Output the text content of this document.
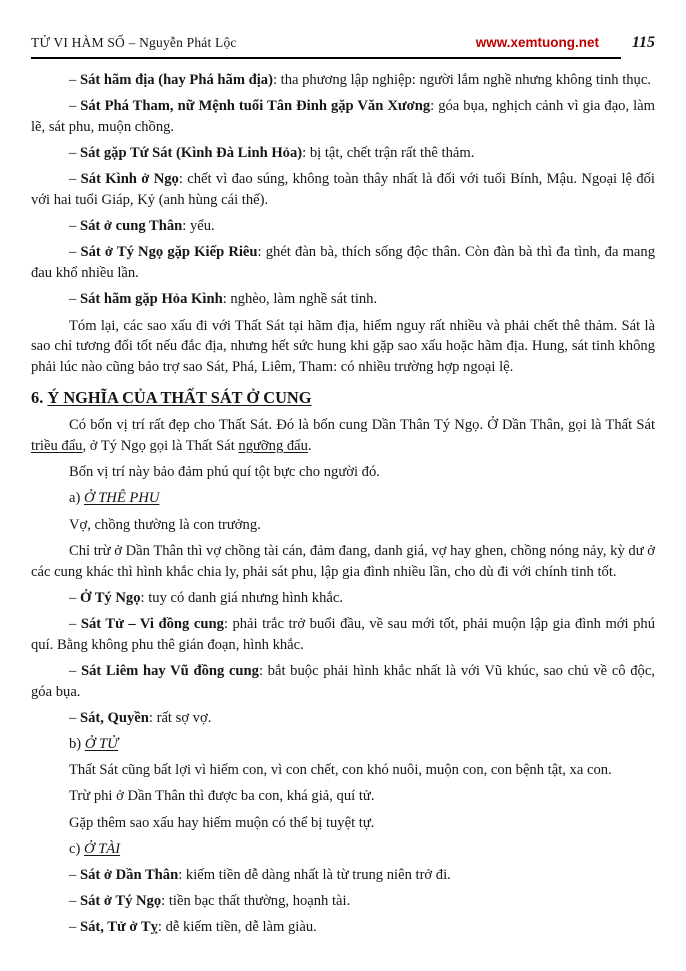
TỬ VI HÀM SỐ – Nguyễn Phát Lộc	www.xemtuong.net 115

– Sát hãm địa (hay Phá hãm địa): tha phương lập nghiệp: người lắm nghề nhưng không tinh thục.

– Sát Phá Tham, nữ Mệnh tuổi Tân Đinh gặp Văn Xương: góa bụa, nghịch cảnh vì gia đạo, làm lẽ, sát phu, muộn chồng.

– Sát gặp Tứ Sát (Kình Đà Linh Hỏa): bị tật, chết trận rất thê thảm.

– Sát Kình ở Ngọ: chết vì đao súng, không toàn thây nhất là đối với tuổi Bính, Mậu. Ngoại lệ đối với hai tuổi Giáp, Kỷ (anh hùng cái thế).

– Sát ở cung Thân: yểu.

– Sát ở Tý Ngọ gặp Kiếp Riêu: ghét đàn bà, thích sống độc thân. Còn đàn bà thì đa tình, đa mang đau khổ nhiều lần.

– Sát hãm gặp Hỏa Kình: nghèo, làm nghề sát tinh.

Tóm lại, các sao xấu đi với Thất Sát tại hãm địa, hiểm nguy rất nhiều và phải chết thê thảm. Sát là sao chỉ tương đối tốt nếu đắc địa, nhưng hết sức hung khi gặp sao xấu hoặc hãm địa. Hung, sát tinh không phải lúc nào cũng bảo trợ sao Sát, Phá, Liêm, Tham: có nhiều trường hợp ngoại lệ.

6. Ý NGHĨA CỦA THẤT SÁT Ở CUNG

Có bốn vị trí rất đẹp cho Thất Sát. Đó là bốn cung Dần Thân Tý Ngọ. Ở Dần Thân, gọi là Thất Sát triều đẩu, ở Tý Ngọ gọi là Thất Sát ngưỡng đẩu.

Bốn vị trí này bảo đảm phú quí tột bực cho người đó.

a) Ở THÊ PHU

Vợ, chồng thường là con trưởng.

Chỉ trừ ở Dần Thân thì vợ chồng tài cán, đảm đang, danh giá, vợ hay ghen, chồng nóng nảy, kỳ dư ở các cung khác thì hình khắc chia ly, phải sát phu, lập gia đình nhiều lần, cho dù đi với chính tinh tốt.

– Ở Tý Ngọ: tuy có danh giá nhưng hình khắc.

– Sát Tử – Vi đồng cung: phải trắc trở buổi đầu, về sau mới tốt, phải muộn lập gia đình mới phú quí. Bằng không phu thê gián đoạn, hình khắc.

– Sát Liêm hay Vũ đồng cung: bắt buộc phải hình khắc nhất là với Vũ khúc, sao chủ về cô độc, góa bụa.

– Sát, Quyền: rất sợ vợ.

b) Ở TỬ

Thất Sát cũng bất lợi vì hiếm con, vì con chết, con khó nuôi, muộn con, con bệnh tật, xa con.

Trừ phi ở Dần Thân thì được ba con, khá giả, quí tử.

Gặp thêm sao xấu hay hiếm muộn có thể bị tuyệt tự.

c) Ở TÀI

– Sát ở Dần Thân: kiếm tiền dễ dàng nhất là từ trung niên trở đi.

– Sát ở Tý Ngọ: tiền bạc thất thường, hoạnh tài.

– Sát, Tử ở Tỵ: dễ kiếm tiền, dễ làm giàu.
